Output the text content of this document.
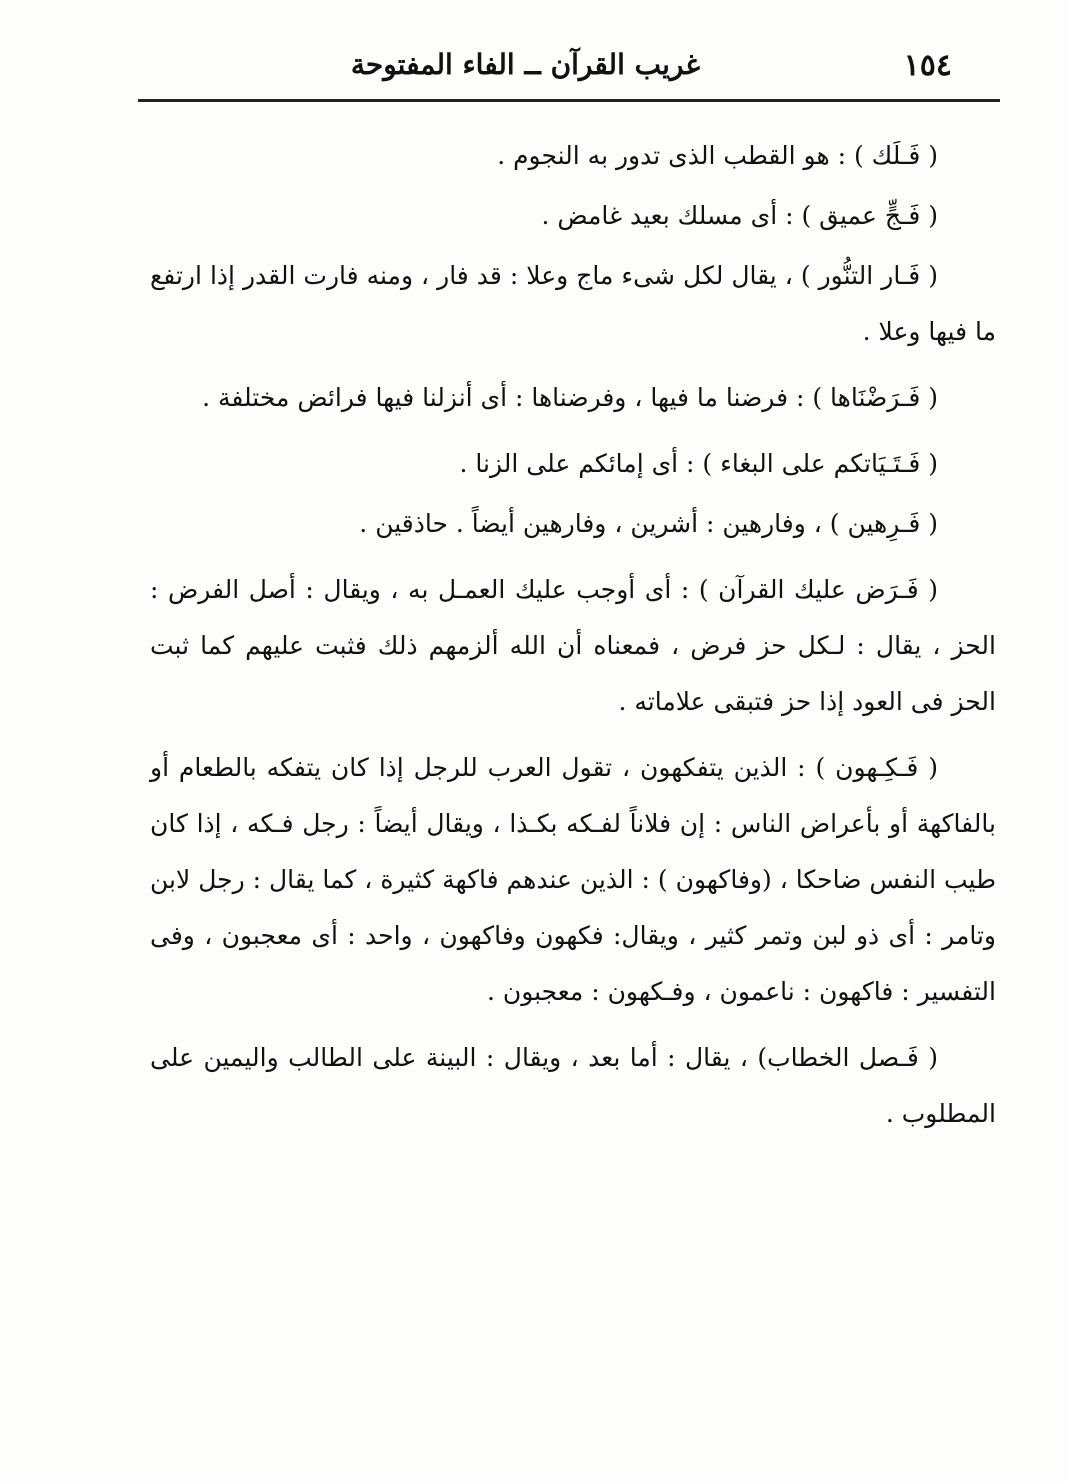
١٥٤
غريب القرآن ــ الفاء المفتوحة

( فَـلَك ) : هو القطب الذى تدور به النجوم .

( فَـجٍّ عميق ) : أى مسلك بعيد غامض .

( فَـار التنُّور ) ، يقال لكل شىء ماج وعلا : قد فار ، ومنه فارت القدر إذا ارتفع ما فيها وعلا .

( فَـرَضْنَاها ) : فرضنا ما فيها ، وفرضناها : أى أنزلنا فيها فرائض مختلفة .

( فَـتَـيَاتكم على البغاء ) : أى إمائكم على الزنا .

( فَـرِهين ) ، وفارهين : أشرين ، وفارهين أيضاً . حاذقين .

( فَـرَض عليك القرآن ) : أى أوجب عليك العمـل به ، ويقال : أصل الفرض : الحز ، يقال : لـكل حز فرض ، فمعناه أن الله ألزمهم ذلك فثبت عليهم كما ثبت الحز فى العود إذا حز فتبقى علاماته .

( فَـكِـهون ) : الذين يتفكهون ، تقول العرب للرجل إذا كان يتفكه بالطعام أو بالفاكهة أو بأعراض الناس : إن فلاناً لفـكه بكـذا ، ويقال أيضاً : رجل فـكه ، إذا كان طيب النفس ضاحكا ، (وفاكهون ) : الذين عندهم فاكهة كثيرة ، كما يقال : رجل لابن وتامر : أى ذو لبن وتمر كثير ، ويقال: فكهون وفاكهون ، واحد : أى معجبون ، وفى التفسير : فاكهون : ناعمون ، وفـكهون : معجبون .

( فَـصل الخطاب) ، يقال : أما بعد ، ويقال : البينة على الطالب واليمين على المطلوب .
